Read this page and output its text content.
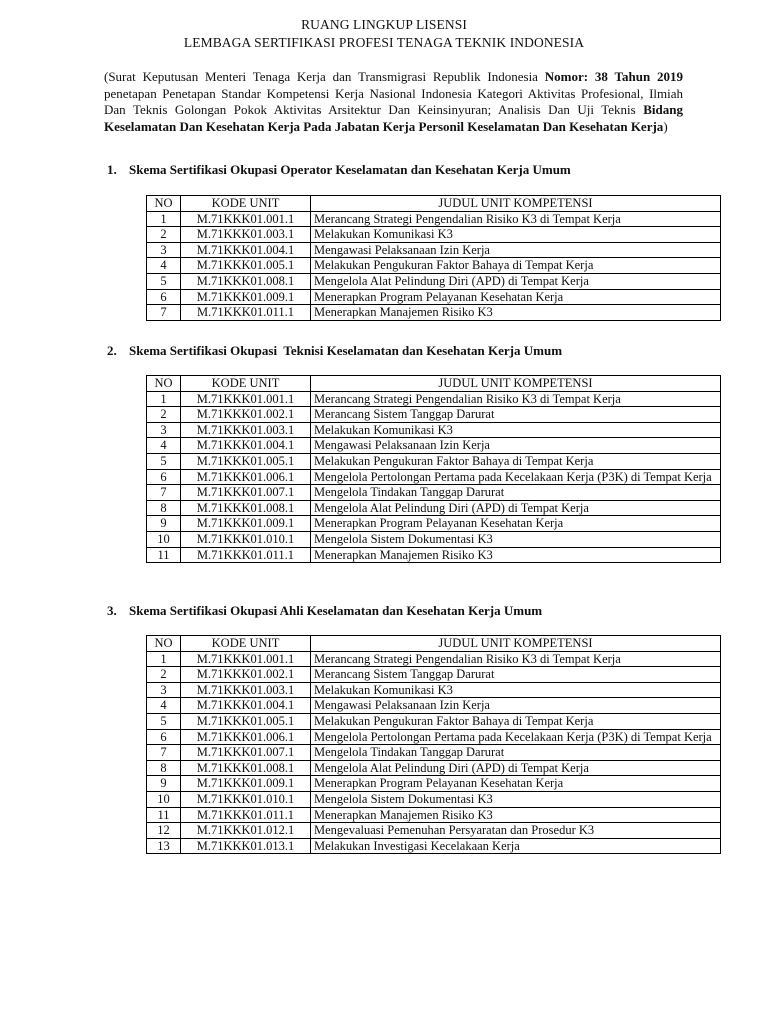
RUANG LINGKUP LISENSI
LEMBAGA SERTIFIKASI PROFESI TENAGA TEKNIK INDONESIA

(Surat Keputusan Menteri Tenaga Kerja dan Transmigrasi Republik Indonesia Nomor: 38 Tahun 2019 penetapan Penetapan Standar Kompetensi Kerja Nasional Indonesia Kategori Aktivitas Profesional, Ilmiah Dan Teknis Golongan Pokok Aktivitas Arsitektur Dan Keinsinyuran; Analisis Dan Uji Teknis Bidang Keselamatan Dan Kesehatan Kerja Pada Jabatan Kerja Personil Keselamatan Dan Kesehatan Kerja)

1. Skema Sertifikasi Okupasi Operator Keselamatan dan Kesehatan Kerja Umum

NO	KODE UNIT	JUDUL UNIT KOMPETENSI
1	M.71KKK01.001.1	Merancang Strategi Pengendalian Risiko K3 di Tempat Kerja
2	M.71KKK01.003.1	Melakukan Komunikasi K3
3	M.71KKK01.004.1	Mengawasi Pelaksanaan Izin Kerja
4	M.71KKK01.005.1	Melakukan Pengukuran Faktor Bahaya di Tempat Kerja
5	M.71KKK01.008.1	Mengelola Alat Pelindung Diri (APD) di Tempat Kerja
6	M.71KKK01.009.1	Menerapkan Program Pelayanan Kesehatan Kerja
7	M.71KKK01.011.1	Menerapkan Manajemen Risiko K3

2. Skema Sertifikasi Okupasi  Teknisi Keselamatan dan Kesehatan Kerja Umum

NO	KODE UNIT	JUDUL UNIT KOMPETENSI
1	M.71KKK01.001.1	Merancang Strategi Pengendalian Risiko K3 di Tempat Kerja
2	M.71KKK01.002.1	Merancang Sistem Tanggap Darurat
3	M.71KKK01.003.1	Melakukan Komunikasi K3
4	M.71KKK01.004.1	Mengawasi Pelaksanaan Izin Kerja
5	M.71KKK01.005.1	Melakukan Pengukuran Faktor Bahaya di Tempat Kerja
6	M.71KKK01.006.1	Mengelola Pertolongan Pertama pada Kecelakaan Kerja (P3K) di Tempat Kerja
7	M.71KKK01.007.1	Mengelola Tindakan Tanggap Darurat
8	M.71KKK01.008.1	Mengelola Alat Pelindung Diri (APD) di Tempat Kerja
9	M.71KKK01.009.1	Menerapkan Program Pelayanan Kesehatan Kerja
10	M.71KKK01.010.1	Mengelola Sistem Dokumentasi K3
11	M.71KKK01.011.1	Menerapkan Manajemen Risiko K3

3. Skema Sertifikasi Okupasi Ahli Keselamatan dan Kesehatan Kerja Umum

NO	KODE UNIT	JUDUL UNIT KOMPETENSI
1	M.71KKK01.001.1	Merancang Strategi Pengendalian Risiko K3 di Tempat Kerja
2	M.71KKK01.002.1	Merancang Sistem Tanggap Darurat
3	M.71KKK01.003.1	Melakukan Komunikasi K3
4	M.71KKK01.004.1	Mengawasi Pelaksanaan Izin Kerja
5	M.71KKK01.005.1	Melakukan Pengukuran Faktor Bahaya di Tempat Kerja
6	M.71KKK01.006.1	Mengelola Pertolongan Pertama pada Kecelakaan Kerja (P3K) di Tempat Kerja
7	M.71KKK01.007.1	Mengelola Tindakan Tanggap Darurat
8	M.71KKK01.008.1	Mengelola Alat Pelindung Diri (APD) di Tempat Kerja
9	M.71KKK01.009.1	Menerapkan Program Pelayanan Kesehatan Kerja
10	M.71KKK01.010.1	Mengelola Sistem Dokumentasi K3
11	M.71KKK01.011.1	Menerapkan Manajemen Risiko K3
12	M.71KKK01.012.1	Mengevaluasi Pemenuhan Persyaratan dan Prosedur K3
13	M.71KKK01.013.1	Melakukan Investigasi Kecelakaan Kerja
